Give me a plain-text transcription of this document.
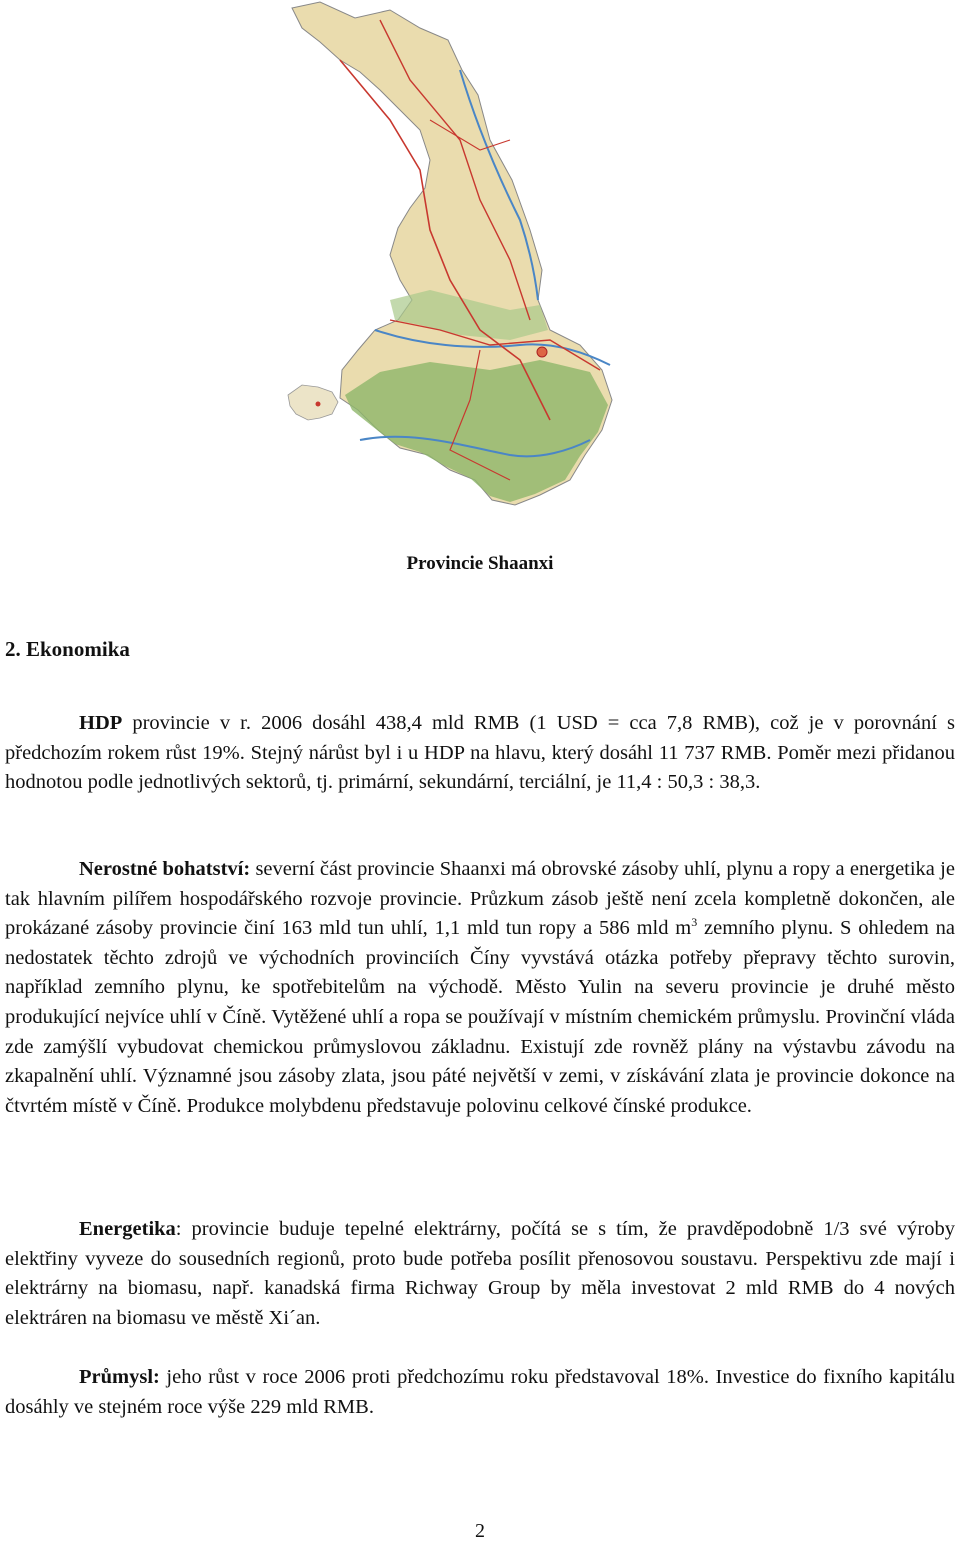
Provincie Shaanxi
2. Ekonomika

HDP provincie v r. 2006 dosáhl 438,4 mld RMB (1 USD = cca 7,8 RMB), což je v porovnání s předchozím rokem růst 19%. Stejný nárůst byl i u HDP na hlavu, který dosáhl 11 737 RMB. Poměr mezi přidanou hodnotou podle jednotlivých sektorů, tj. primární, sekundární, terciální, je 11,4 : 50,3 : 38,3.

Nerostné bohatství: severní část provincie Shaanxi má obrovské zásoby uhlí, plynu a ropy a energetika je tak hlavním pilířem hospodářského rozvoje provincie. Průzkum zásob ještě není zcela kompletně dokončen, ale prokázané zásoby provincie činí 163 mld tun uhlí, 1,1 mld tun ropy a 586 mld $m^3$ zemního plynu. S ohledem na nedostatek těchto zdrojů ve východních provinciích Číny vyvstává otázka potřeby přepravy těchto surovin, například zemního plynu, ke spotřebitelům na východě. Město Yulin na severu provincie je druhé město produkující nejvíce uhlí v Číně. Vytěžené uhlí a ropa se používají v místním chemickém průmyslu. Provinční vláda zde zamýšlí vybudovat chemickou průmyslovou základnu. Existují zde rovněž plány na výstavbu závodu na zkapalnění uhlí. Významné jsou zásoby zlata, jsou páté největší v zemi, v získávání zlata je provincie dokonce na čtvrtém místě v Číně. Produkce molybdenu představuje polovinu celkové čínské produkce.

Energetika: provincie buduje tepelné elektrárny, počítá se s tím, že pravděpodobně 1/3 své výroby elektřiny vyveze do sousedních regionů, proto bude potřeba posílit přenosovou soustavu. Perspektivu zde mají i elektrárny na biomasu, např. kanadská firma Richway Group by měla investovat 2 mld RMB do 4 nových elektráren na biomasu ve městě Xi´an.

Průmysl: jeho růst v roce 2006 proti předchozímu roku představoval 18%. Investice do fixního kapitálu dosáhly ve stejném roce výše 229 mld RMB.

2
